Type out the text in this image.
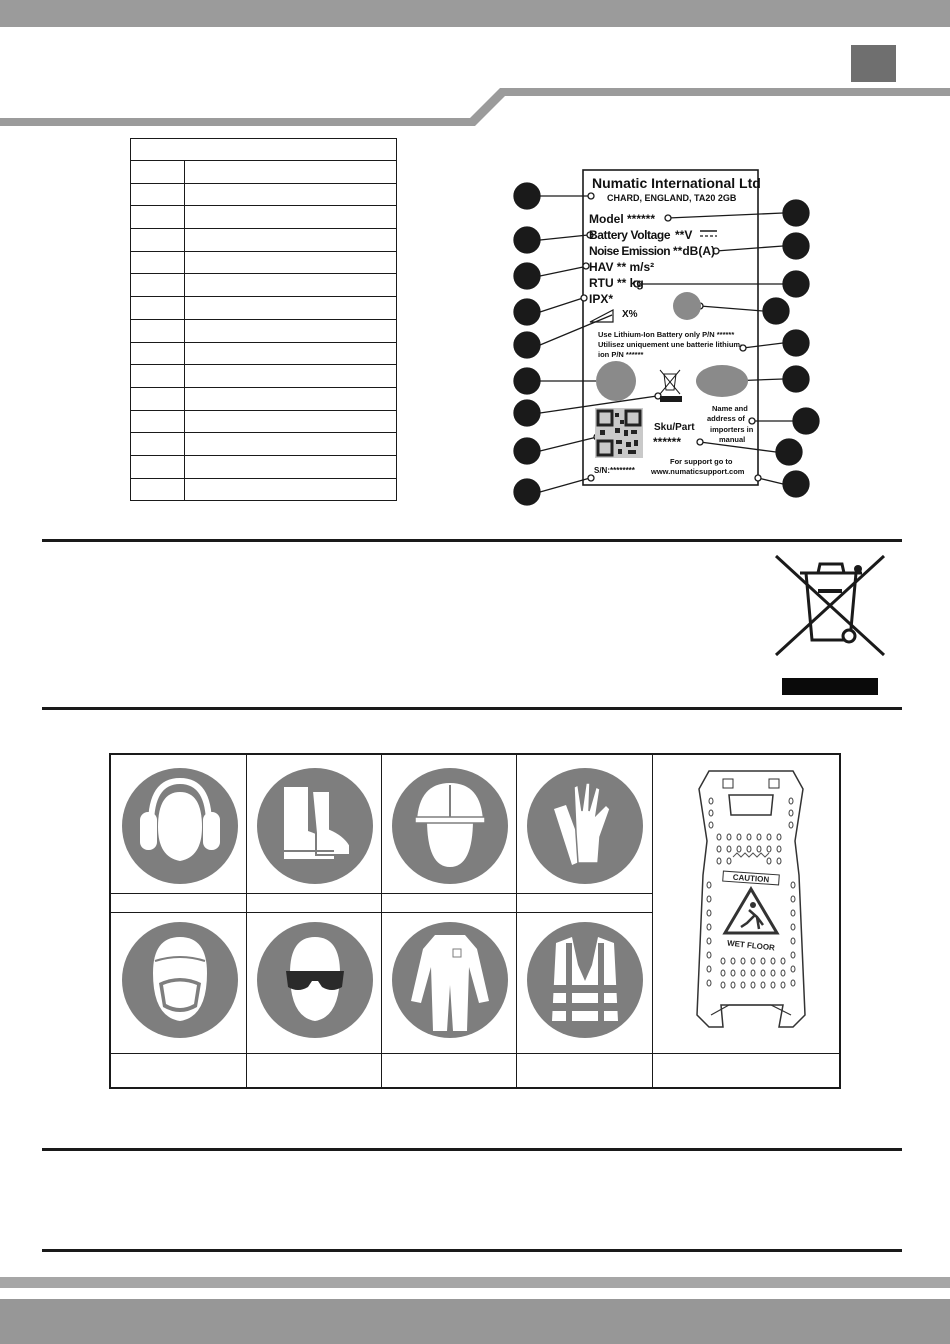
Numatic International Ltd
CHARD, ENGLAND, TA20 2GB
Model ******
Battery Voltage **V
Noise Emission **dB(A)
HAV ** m/s²
RTU ** kg
IPX*
X%
Use Lithium-Ion Battery only P/N ******
Utilisez uniquement une batterie lithium-
ion P/N ******
Name and
address of
importers in
manual
Sku/Part
******
For support go to
www.numaticsupport.com
S/N:********
CAUTION
WET FLOOR
